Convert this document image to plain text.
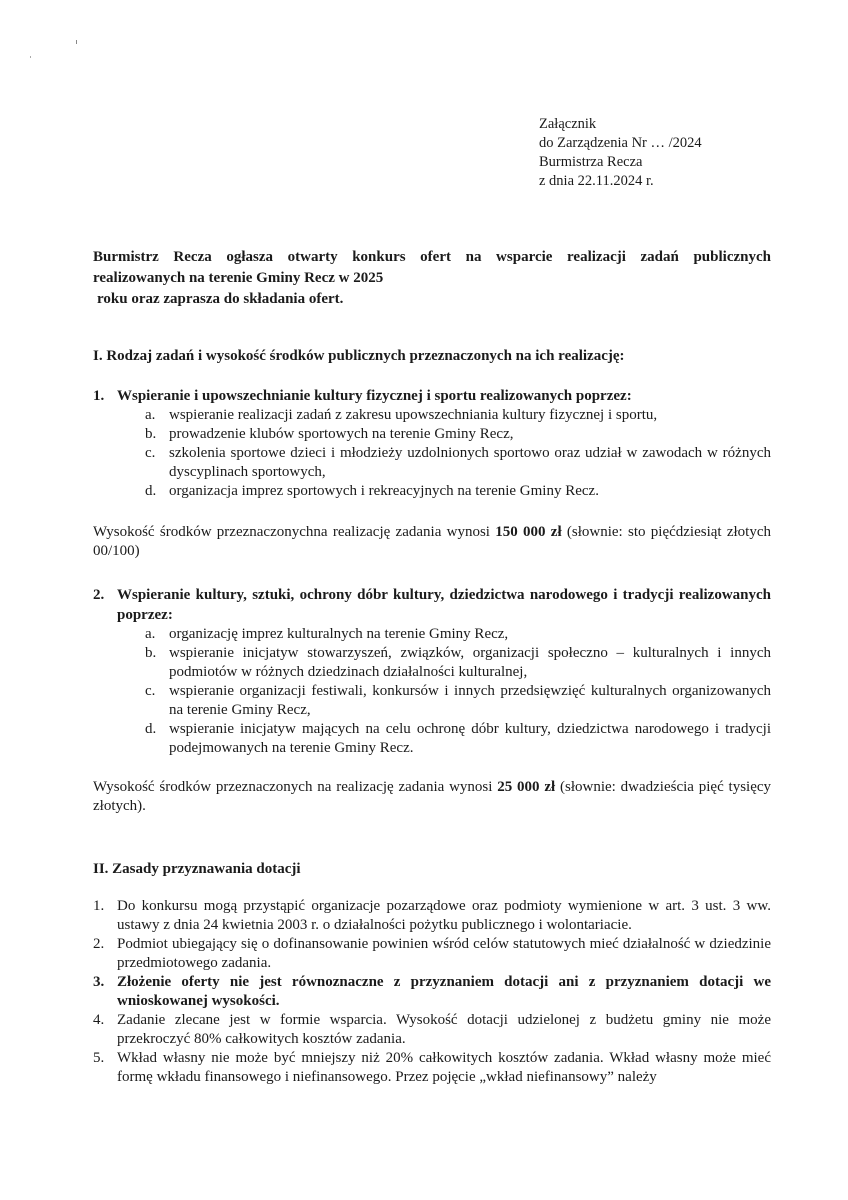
Załącznik
do Zarządzenia Nr … /2024
Burmistrza Recza
z dnia 22.11.2024 r.

Burmistrz Recza ogłasza otwarty konkurs ofert na wsparcie realizacji zadań publicznych

realizowanych na terenie Gminy Recz w 2025

roku oraz zaprasza do składania ofert.

I. Rodzaj zadań i wysokość środków publicznych przeznaczonych na ich realizację:
1. Wspieranie i upowszechnianie kultury fizycznej i sportu realizowanych poprzez:
a. wspieranie realizacji zadań z zakresu upowszechniania kultury fizycznej i sportu,
b. prowadzenie klubów sportowych na terenie Gminy Recz,
c. szkolenia sportowe dzieci i młodzieży uzdolnionych sportowo oraz udział w zawodach w różnych dyscyplinach sportowych,
d. organizacja imprez sportowych i rekreacyjnych na terenie Gminy Recz.
Wysokość środków przeznaczonychna realizację zadania wynosi 150 000 zł (słownie: sto pięćdziesiąt złotych 00/100)
2. Wspieranie kultury, sztuki, ochrony dóbr kultury, dziedzictwa narodowego i tradycji realizowanych poprzez:
a. organizację imprez kulturalnych na terenie Gminy Recz,
b. wspieranie inicjatyw stowarzyszeń, związków, organizacji społeczno – kulturalnych i innych podmiotów w różnych dziedzinach działalności kulturalnej,
c. wspieranie organizacji festiwali, konkursów i innych przedsięwzięć kulturalnych organizowanych na terenie Gminy Recz,
d. wspieranie inicjatyw mających na celu ochronę dóbr kultury, dziedzictwa narodowego i tradycji podejmowanych na terenie Gminy Recz.
Wysokość środków przeznaczonych na realizację zadania wynosi 25 000 zł (słownie: dwadzieścia pięć tysięcy złotych).
II. Zasady przyznawania dotacji
1. Do konkursu mogą przystąpić organizacje pozarządowe oraz podmioty wymienione w art. 3 ust. 3 ww. ustawy z dnia 24 kwietnia 2003 r. o działalności pożytku publicznego i wolontariacie.
2. Podmiot ubiegający się o dofinansowanie powinien wśród celów statutowych mieć działalność w dziedzinie przedmiotowego zadania.
3. Złożenie oferty nie jest równoznaczne z przyznaniem dotacji ani z przyznaniem dotacji we wnioskowanej wysokości.
4. Zadanie zlecane jest w formie wsparcia. Wysokość dotacji udzielonej z budżetu gminy nie może przekroczyć 80% całkowitych kosztów zadania.
5. Wkład własny nie może być mniejszy niż 20% całkowitych kosztów zadania. Wkład własny może mieć formę wkładu finansowego i niefinansowego. Przez pojęcie „wkład niefinansowy” należy
